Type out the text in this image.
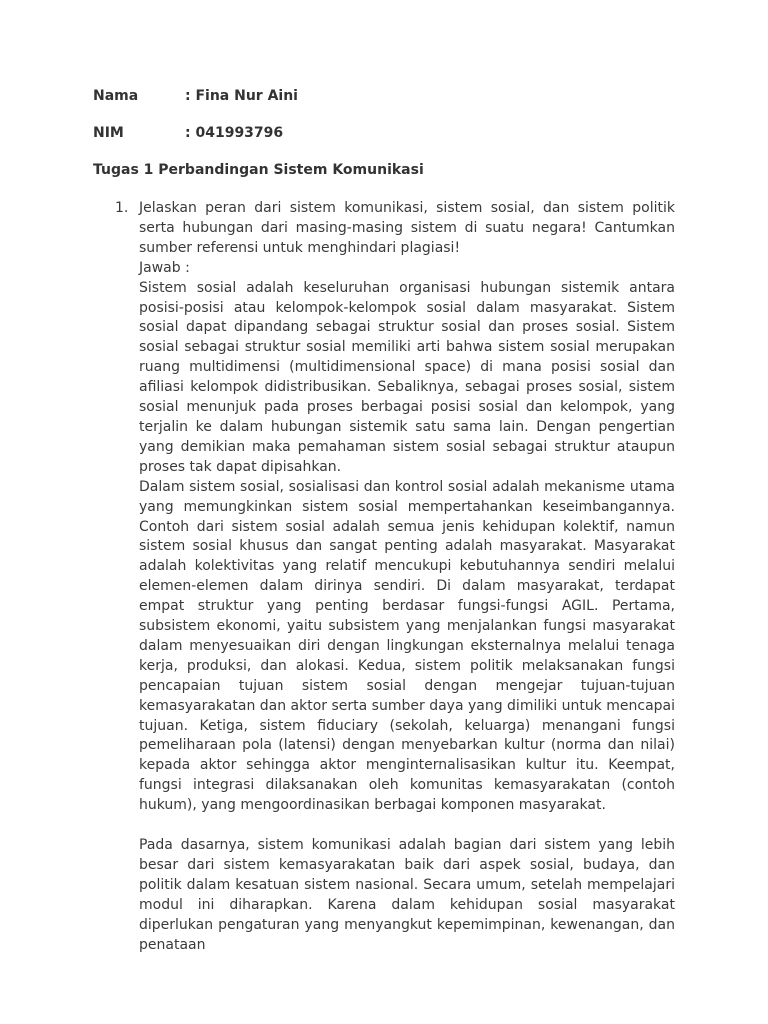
Nama	: Fina Nur Aini
NIM	: 041993796
Tugas 1 Perbandingan Sistem Komunikasi
1. Jelaskan peran dari sistem komunikasi, sistem sosial, dan sistem politik serta hubungan dari masing-masing sistem di suatu negara! Cantumkan sumber referensi untuk menghindari plagiasi!

Jawab :

Sistem sosial adalah keseluruhan organisasi hubungan sistemik antara posisi-posisi atau kelompok-kelompok sosial dalam masyarakat. Sistem sosial dapat dipandang sebagai struktur sosial dan proses sosial. Sistem sosial sebagai struktur sosial memiliki arti bahwa sistem sosial merupakan ruang multidimensi (multidimensional space) di mana posisi sosial dan afiliasi kelompok didistribusikan. Sebaliknya, sebagai proses sosial, sistem sosial menunjuk pada proses berbagai posisi sosial dan kelompok, yang terjalin ke dalam hubungan sistemik satu sama lain. Dengan pengertian yang demikian maka pemahaman sistem sosial sebagai struktur ataupun proses tak dapat dipisahkan.

Dalam sistem sosial, sosialisasi dan kontrol sosial adalah mekanisme utama yang memungkinkan sistem sosial mempertahankan keseimbangannya. Contoh dari sistem sosial adalah semua jenis kehidupan kolektif, namun sistem sosial khusus dan sangat penting adalah masyarakat. Masyarakat adalah kolektivitas yang relatif mencukupi kebutuhannya sendiri melalui elemen-elemen dalam dirinya sendiri. Di dalam masyarakat, terdapat empat struktur yang penting berdasar fungsi-fungsi AGIL. Pertama, subsistem ekonomi, yaitu subsistem yang menjalankan fungsi masyarakat dalam menyesuaikan diri dengan lingkungan eksternalnya melalui tenaga kerja, produksi, dan alokasi. Kedua, sistem politik melaksanakan fungsi pencapaian tujuan sistem sosial dengan mengejar tujuan-tujuan kemasyarakatan dan aktor serta sumber daya yang dimiliki untuk mencapai tujuan. Ketiga, sistem fiduciary (sekolah, keluarga) menangani fungsi pemeliharaan pola (latensi) dengan menyebarkan kultur (norma dan nilai) kepada aktor sehingga aktor menginternalisasikan kultur itu. Keempat, fungsi integrasi dilaksanakan oleh komunitas kemasyarakatan (contoh hukum), yang mengoordinasikan berbagai komponen masyarakat.

Pada dasarnya, sistem komunikasi adalah bagian dari sistem yang lebih besar dari sistem kemasyarakatan baik dari aspek sosial, budaya, dan politik dalam kesatuan sistem nasional. Secara umum, setelah mempelajari modul ini diharapkan. Karena dalam kehidupan sosial masyarakat diperlukan pengaturan yang menyangkut kepemimpinan, kewenangan, dan penataan
